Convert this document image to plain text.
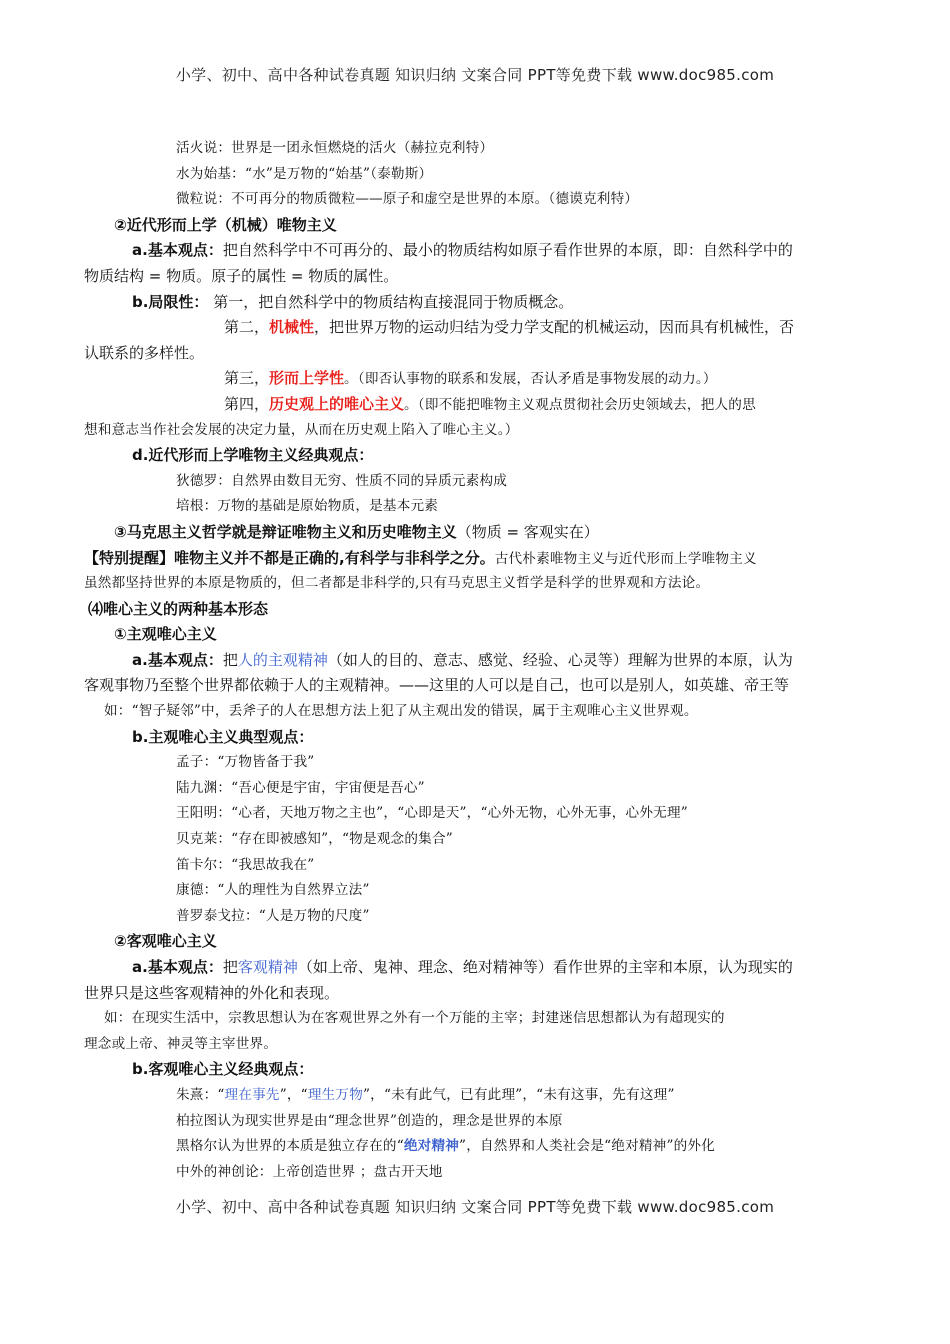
小学、初中、高中各种试卷真题 知识归纳 文案合同 PPT等免费下载 www.doc985.com
活火说：世界是一团永恒燃烧的活火（赫拉克利特）
水为始基：“水”是万物的“始基”（泰勒斯）
微粒说：不可再分的物质微粒——原子和虚空是世界的本原。（德谟克利特）
②近代形而上学（机械）唯物主义
a.基本观点：把自然科学中不可再分的、最小的物质结构如原子看作世界的本原，即：自然科学中的
物质结构 = 物质。原子的属性 = 物质的属性。
b.局限性： 第一，把自然科学中的物质结构直接混同于物质概念。
第二，机械性，把世界万物的运动归结为受力学支配的机械运动，因而具有机械性，否
认联系的多样性。
第三，形而上学性。（即否认事物的联系和发展，否认矛盾是事物发展的动力。）
第四，历史观上的唯心主义。（即不能把唯物主义观点贯彻社会历史领域去，把人的思
想和意志当作社会发展的决定力量，从而在历史观上陷入了唯心主义。）
d.近代形而上学唯物主义经典观点：
狄德罗：自然界由数目无穷、性质不同的异质元素构成
培根：万物的基础是原始物质，是基本元素
③马克思主义哲学就是辩证唯物主义和历史唯物主义（物质 = 客观实在）
【特别提醒】唯物主义并不都是正确的,有科学与非科学之分。古代朴素唯物主义与近代形而上学唯物主义
虽然都坚持世界的本原是物质的，但二者都是非科学的,只有马克思主义哲学是科学的世界观和方法论。
⑷唯心主义的两种基本形态
①主观唯心主义
a.基本观点：把人的主观精神（如人的目的、意志、感觉、经验、心灵等）理解为世界的本原，认为
客观事物乃至整个世界都依赖于人的主观精神。——这里的人可以是自己，也可以是别人，如英雄、帝王等
如：“智子疑邻”中，丢斧子的人在思想方法上犯了从主观出发的错误，属于主观唯心主义世界观。
b.主观唯心主义典型观点：
孟子：“万物皆备于我”
陆九渊：“吾心便是宇宙，宇宙便是吾心”
王阳明：“心者，天地万物之主也”，“心即是天”，“心外无物，心外无事，心外无理”
贝克莱：“存在即被感知”，“物是观念的集合”
笛卡尔：“我思故我在”
康德：“人的理性为自然界立法”
普罗泰戈拉：“人是万物的尺度”
②客观唯心主义
a.基本观点：把客观精神（如上帝、鬼神、理念、绝对精神等）看作世界的主宰和本原，认为现实的
世界只是这些客观精神的外化和表现。
如：在现实生活中，宗教思想认为在客观世界之外有一个万能的主宰；封建迷信思想都认为有超现实的
理念或上帝、神灵等主宰世界。
b.客观唯心主义经典观点：
朱熹：“理在事先”，“理生万物”，“未有此气，已有此理”，“未有这事，先有这理”
柏拉图认为现实世界是由“理念世界”创造的，理念是世界的本原
黑格尔认为世界的本质是独立存在的“绝对精神”，自然界和人类社会是“绝对精神”的外化
中外的神创论：上帝创造世界 ；盘古开天地
小学、初中、高中各种试卷真题 知识归纳 文案合同 PPT等免费下载 www.doc985.com
